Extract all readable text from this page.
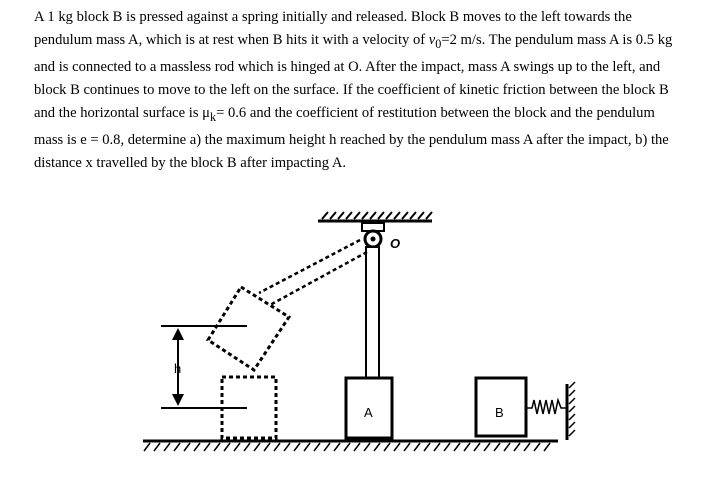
A 1 kg block B is pressed against a spring initially and released. Block B moves to the left towards the pendulum mass A, which is at rest when B hits it with a velocity of $v_0=2$ m/s. The pendulum mass A is 0.5 kg and is connected to a massless rod which is hinged at O. After the impact, mass A swings up to the left, and block B continues to move to the left on the surface. If the coefficient of kinetic friction between the block B and the horizontal surface is $\mu_k= 0.6$ and the coefficient of restitution between the block and the pendulum mass is e = 0.8, determine a) the maximum height h reached by the pendulum mass A after the impact, b) the distance x travelled by the block B after impacting A.

O
A
h
B
